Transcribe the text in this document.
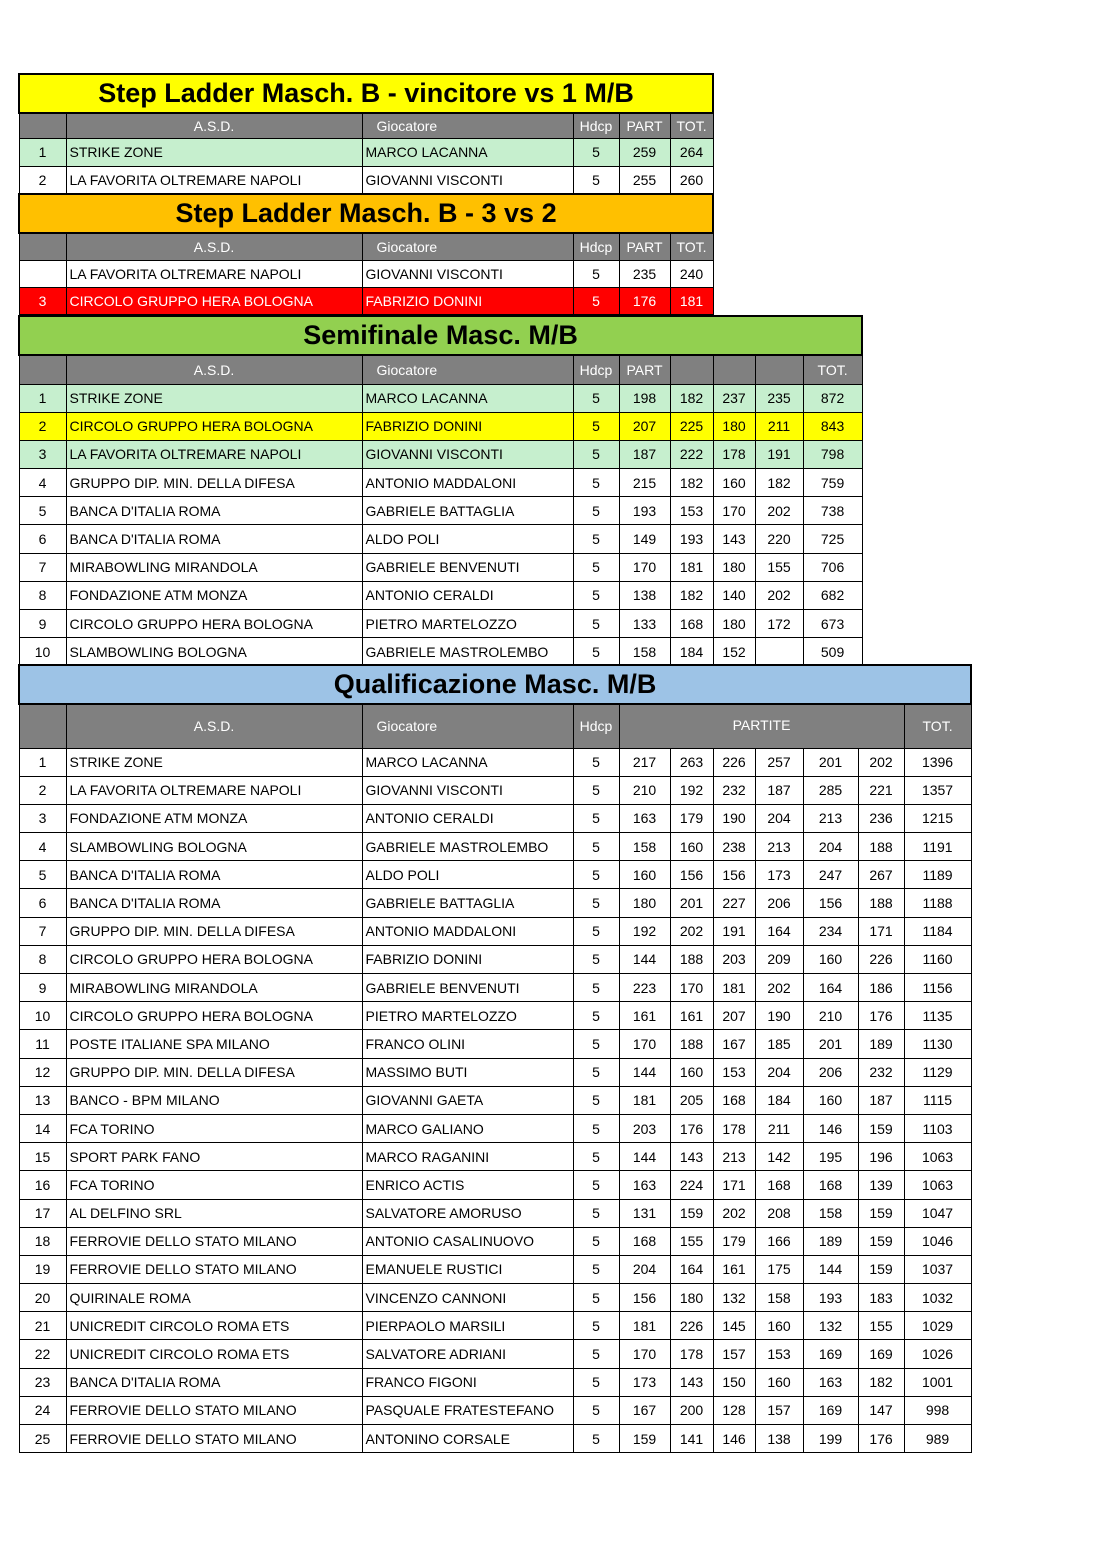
Step Ladder Masch. B - vincitore vs 1 M/B					
	A.S.D.	Giocatore	Hdcp	PART	TOT.
1	STRIKE ZONE	MARCO LACANNA	5	259	264
2	LA FAVORITA OLTREMARE NAPOLI	GIOVANNI VISCONTI	5	255	260
Step Ladder Masch. B - 3 vs 2					
	A.S.D.	Giocatore	Hdcp	PART	TOT.
	LA FAVORITA OLTREMARE NAPOLI	GIOVANNI VISCONTI	5	235	240
3	CIRCOLO GRUPPO HERA BOLOGNA	FABRIZIO DONINI	5	176	181
Semifinale Masc. M/B								
	A.S.D.	Giocatore	Hdcp	PART				TOT.
1	STRIKE ZONE	MARCO LACANNA	5	198	182	237	235	872
2	CIRCOLO GRUPPO HERA BOLOGNA	FABRIZIO DONINI	5	207	225	180	211	843
3	LA FAVORITA OLTREMARE NAPOLI	GIOVANNI VISCONTI	5	187	222	178	191	798
4	GRUPPO DIP. MIN. DELLA DIFESA	ANTONIO MADDALONI	5	215	182	160	182	759
5	BANCA D'ITALIA ROMA	GABRIELE BATTAGLIA	5	193	153	170	202	738
6	BANCA D'ITALIA ROMA	ALDO POLI	5	149	193	143	220	725
7	MIRABOWLING MIRANDOLA	GABRIELE BENVENUTI	5	170	181	180	155	706
8	FONDAZIONE ATM MONZA	ANTONIO CERALDI	5	138	182	140	202	682
9	CIRCOLO GRUPPO HERA BOLOGNA	PIETRO MARTELOZZO	5	133	168	180	172	673
10	SLAMBOWLING BOLOGNA	GABRIELE MASTROLEMBO	5	158	184	152		509
Qualificazione Masc. M/B										
	A.S.D.	Giocatore	Hdcp	PARTITE						TOT.
1	STRIKE ZONE	MARCO LACANNA	5	217	263	226	257	201	202	1396
2	LA FAVORITA OLTREMARE NAPOLI	GIOVANNI VISCONTI	5	210	192	232	187	285	221	1357
3	FONDAZIONE ATM MONZA	ANTONIO CERALDI	5	163	179	190	204	213	236	1215
4	SLAMBOWLING BOLOGNA	GABRIELE MASTROLEMBO	5	158	160	238	213	204	188	1191
5	BANCA D'ITALIA ROMA	ALDO POLI	5	160	156	156	173	247	267	1189
6	BANCA D'ITALIA ROMA	GABRIELE BATTAGLIA	5	180	201	227	206	156	188	1188
7	GRUPPO DIP. MIN. DELLA DIFESA	ANTONIO MADDALONI	5	192	202	191	164	234	171	1184
8	CIRCOLO GRUPPO HERA BOLOGNA	FABRIZIO DONINI	5	144	188	203	209	160	226	1160
9	MIRABOWLING MIRANDOLA	GABRIELE BENVENUTI	5	223	170	181	202	164	186	1156
10	CIRCOLO GRUPPO HERA BOLOGNA	PIETRO MARTELOZZO	5	161	161	207	190	210	176	1135
11	POSTE ITALIANE SPA MILANO	FRANCO OLINI	5	170	188	167	185	201	189	1130
12	GRUPPO DIP. MIN. DELLA DIFESA	MASSIMO BUTI	5	144	160	153	204	206	232	1129
13	BANCO - BPM MILANO	GIOVANNI GAETA	5	181	205	168	184	160	187	1115
14	FCA TORINO	MARCO GALIANO	5	203	176	178	211	146	159	1103
15	SPORT PARK FANO	MARCO RAGANINI	5	144	143	213	142	195	196	1063
16	FCA TORINO	ENRICO ACTIS	5	163	224	171	168	168	139	1063
17	AL DELFINO SRL	SALVATORE AMORUSO	5	131	159	202	208	158	159	1047
18	FERROVIE DELLO STATO MILANO	ANTONIO CASALINUOVO	5	168	155	179	166	189	159	1046
19	FERROVIE DELLO STATO MILANO	EMANUELE RUSTICI	5	204	164	161	175	144	159	1037
20	QUIRINALE ROMA	VINCENZO CANNONI	5	156	180	132	158	193	183	1032
21	UNICREDIT CIRCOLO ROMA ETS	PIERPAOLO MARSILI	5	181	226	145	160	132	155	1029
22	UNICREDIT CIRCOLO ROMA ETS	SALVATORE ADRIANI	5	170	178	157	153	169	169	1026
23	BANCA D'ITALIA ROMA	FRANCO FIGONI	5	173	143	150	160	163	182	1001
24	FERROVIE DELLO STATO MILANO	PASQUALE FRATESTEFANO	5	167	200	128	157	169	147	998
25	FERROVIE DELLO STATO MILANO	ANTONINO CORSALE	5	159	141	146	138	199	176	989
